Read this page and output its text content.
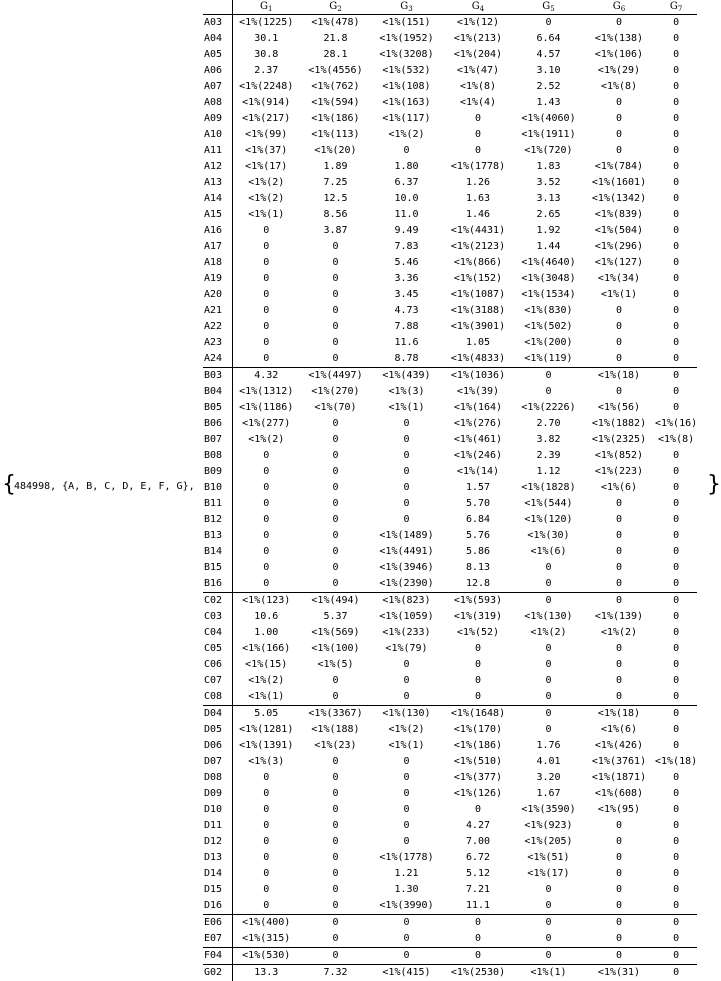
{
484998, {A, B, C, D, E, F, G},	}
	$G_1$	$G_2$	$G_3$	$G_4$	$G_5$	$G_6$	$G_7$
A03	<1%(1225)	<1%(478)	<1%(151)	<1%(12)	0	0	0
A04	30.1	21.8	<1%(1952)	<1%(213)	6.64	<1%(138)	0
A05	30.8	28.1	<1%(3208)	<1%(204)	4.57	<1%(106)	0
A06	2.37	<1%(4556)	<1%(532)	<1%(47)	3.10	<1%(29)	0
A07	<1%(2248)	<1%(762)	<1%(108)	<1%(8)	2.52	<1%(8)	0
A08	<1%(914)	<1%(594)	<1%(163)	<1%(4)	1.43	0	0
A09	<1%(217)	<1%(186)	<1%(117)	0	<1%(4060)	0	0
A10	<1%(99)	<1%(113)	<1%(2)	0	<1%(1911)	0	0
A11	<1%(37)	<1%(20)	0	0	<1%(720)	0	0
A12	<1%(17)	1.89	1.80	<1%(1778)	1.83	<1%(784)	0
A13	<1%(2)	7.25	6.37	1.26	3.52	<1%(1601)	0
A14	<1%(2)	12.5	10.0	1.63	3.13	<1%(1342)	0
A15	<1%(1)	8.56	11.0	1.46	2.65	<1%(839)	0
A16	0	3.87	9.49	<1%(4431)	1.92	<1%(504)	0
A17	0	0	7.83	<1%(2123)	1.44	<1%(296)	0
A18	0	0	5.46	<1%(866)	<1%(4640)	<1%(127)	0
A19	0	0	3.36	<1%(152)	<1%(3048)	<1%(34)	0
A20	0	0	3.45	<1%(1087)	<1%(1534)	<1%(1)	0
A21	0	0	4.73	<1%(3188)	<1%(830)	0	0
A22	0	0	7.88	<1%(3901)	<1%(502)	0	0
A23	0	0	11.6	1.05	<1%(200)	0	0
A24	0	0	8.78	<1%(4833)	<1%(119)	0	0
B03	4.32	<1%(4497)	<1%(439)	<1%(1036)	0	<1%(18)	0
B04	<1%(1312)	<1%(270)	<1%(3)	<1%(39)	0	0	0
B05	<1%(1186)	<1%(70)	<1%(1)	<1%(164)	<1%(2226)	<1%(56)	0
B06	<1%(277)	0	0	<1%(276)	2.70	<1%(1882)	<1%(16)
B07	<1%(2)	0	0	<1%(461)	3.82	<1%(2325)	<1%(8)
B08	0	0	0	<1%(246)	2.39	<1%(852)	0
B09	0	0	0	<1%(14)	1.12	<1%(223)	0
B10	0	0	0	1.57	<1%(1828)	<1%(6)	0
B11	0	0	0	5.70	<1%(544)	0	0
B12	0	0	0	6.84	<1%(120)	0	0
B13	0	0	<1%(1489)	5.76	<1%(30)	0	0
B14	0	0	<1%(4491)	5.86	<1%(6)	0	0
B15	0	0	<1%(3946)	8.13	0	0	0
B16	0	0	<1%(2390)	12.8	0	0	0
C02	<1%(123)	<1%(494)	<1%(823)	<1%(593)	0	0	0
C03	10.6	5.37	<1%(1059)	<1%(319)	<1%(130)	<1%(139)	0
C04	1.00	<1%(569)	<1%(233)	<1%(52)	<1%(2)	<1%(2)	0
C05	<1%(166)	<1%(100)	<1%(79)	0	0	0	0
C06	<1%(15)	<1%(5)	0	0	0	0	0
C07	<1%(2)	0	0	0	0	0	0
C08	<1%(1)	0	0	0	0	0	0
D04	5.05	<1%(3367)	<1%(130)	<1%(1648)	0	<1%(18)	0
D05	<1%(1281)	<1%(188)	<1%(2)	<1%(170)	0	<1%(6)	0
D06	<1%(1391)	<1%(23)	<1%(1)	<1%(186)	1.76	<1%(426)	0
D07	<1%(3)	0	0	<1%(510)	4.01	<1%(3761)	<1%(18)
D08	0	0	0	<1%(377)	3.20	<1%(1871)	0
D09	0	0	0	<1%(126)	1.67	<1%(608)	0
D10	0	0	0	0	<1%(3590)	<1%(95)	0
D11	0	0	0	4.27	<1%(923)	0	0
D12	0	0	0	7.00	<1%(205)	0	0
D13	0	0	<1%(1778)	6.72	<1%(51)	0	0
D14	0	0	1.21	5.12	<1%(17)	0	0
D15	0	0	1.30	7.21	0	0	0
D16	0	0	<1%(3990)	11.1	0	0	0
E06	<1%(400)	0	0	0	0	0	0
E07	<1%(315)	0	0	0	0	0	0
F04	<1%(530)	0	0	0	0	0	0
G02	13.3	7.32	<1%(415)	<1%(2530)	<1%(1)	<1%(31)	0
